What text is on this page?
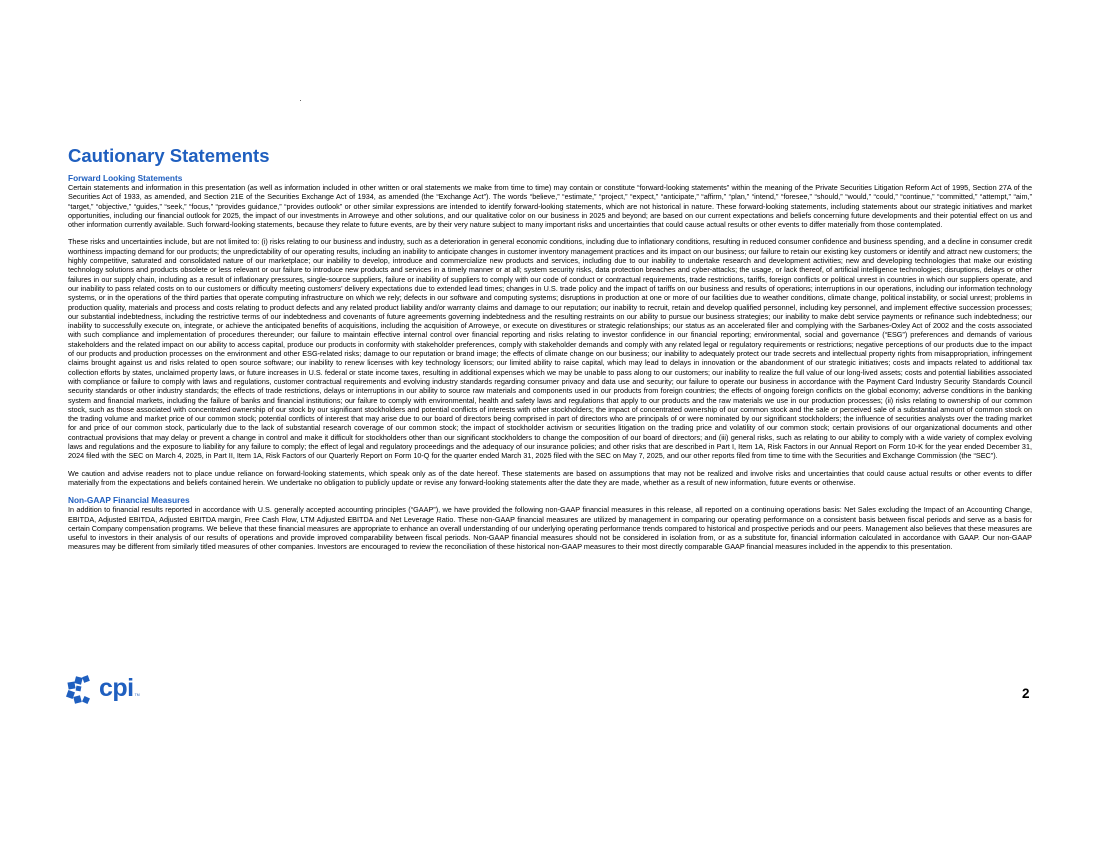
Cautionary Statements
Forward Looking Statements

Certain statements and information in this presentation (as well as information included in other written or oral statements we make from time to time) may contain or constitute “forward-looking statements” within the meaning of the Private Securities Litigation Reform Act of 1995, Section 27A of the Securities Act of 1933, as amended, and Section 21E of the Securities Exchange Act of 1934, as amended (the “Exchange Act”). The words “believe,” “estimate,” “project,” “expect,” “anticipate,” “affirm,” “plan,” “intend,” “foresee,” “should,” “would,” “could,” “continue,” “committed,” “attempt,” “aim,” “target,” “objective,” “guides,” “seek,” “focus,” “provides guidance,” “provides outlook” or other similar expressions are intended to identify forward-looking statements, which are not historical in nature. These forward-looking statements, including statements about our strategic initiatives and market opportunities, including our financial outlook for 2025, the impact of our investments in Arroweye and other solutions, and our qualitative color on our business in 2025 and beyond; are based on our current expectations and beliefs concerning future developments and their potential effect on us and other information currently available. Such forward-looking statements, because they relate to future events, are by their very nature subject to many important risks and uncertainties that could cause actual results or other events to differ materially from those contemplated.

These risks and uncertainties include, but are not limited to: (i) risks relating to our business and industry, such as a deterioration in general economic conditions, including due to inflationary conditions, resulting in reduced consumer confidence and business spending, and a decline in consumer credit worthiness impacting demand for our products; the unpredictability of our operating results, including an inability to anticipate changes in customer inventory management practices and its impact on our business; our failure to retain our existing key customers or identify and attract new customers; the highly competitive, saturated and consolidated nature of our marketplace; our inability to develop, introduce and commercialize new products and services, including due to our inability to undertake research and development activities; new and developing technologies that make our existing technology solutions and products obsolete or less relevant or our failure to introduce new products and services in a timely manner or at all; system security risks, data protection breaches and cyber-attacks; the usage, or lack thereof, of artificial intelligence technologies; disruptions, delays or other failures in our supply chain, including as a result of inflationary pressures, single-source suppliers, failure or inability of suppliers to comply with our code of conduct or contractual requirements, trade restrictions, tariffs, foreign conflicts or political unrest in countries in which our suppliers operate, and our inability to pass related costs on to our customers or difficulty meeting customers’ delivery expectations due to extended lead times; changes in U.S. trade policy and the impact of tariffs on our business and results of operations; interruptions in our operations, including our information technology systems, or in the operations of the third parties that operate computing infrastructure on which we rely; defects in our software and computing systems; disruptions in production at one or more of our facilities due to weather conditions, climate change, political instability, or social unrest; problems in production quality, materials and process and costs relating to product defects and any related product liability and/or warranty claims and damage to our reputation; our inability to recruit, retain and develop qualified personnel, including key personnel, and implement effective succession processes; our substantial indebtedness, including the restrictive terms of our indebtedness and covenants of future agreements governing indebtedness and the resulting restraints on our ability to pursue our business strategies; our inability to make debt service payments or refinance such indebtedness; our inability to successfully execute on, integrate, or achieve the anticipated benefits of acquisitions, including the acquisition of Arroweye, or execute on divestitures or strategic relationships; our status as an accelerated filer and complying with the Sarbanes-Oxley Act of 2002 and the costs associated with such compliance and implementation of procedures thereunder; our failure to maintain effective internal control over financial reporting and risks relating to investor confidence in our financial reporting; environmental, social and governance (“ESG”) preferences and demands of various stakeholders and the related impact on our ability to access capital, produce our products in conformity with stakeholder preferences, comply with stakeholder demands and comply with any related legal or regulatory requirements or restrictions; negative perceptions of our products due to the impact of our products and production processes on the environment and other ESG-related risks; damage to our reputation or brand image; the effects of climate change on our business; our inability to adequately protect our trade secrets and intellectual property rights from misappropriation, infringement claims brought against us and risks related to open source software; our inability to renew licenses with key technology licensors; our limited ability to raise capital, which may lead to delays in innovation or the abandonment of our strategic initiatives; costs and impacts related to additional tax collection efforts by states, unclaimed property laws, or future increases in U.S. federal or state income taxes, resulting in additional expenses which we may be unable to pass along to our customers; our inability to realize the full value of our long-lived assets; costs and potential liabilities associated with compliance or failure to comply with laws and regulations, customer contractual requirements and evolving industry standards regarding consumer privacy and data use and security; our failure to operate our business in accordance with the Payment Card Industry Security Standards Council security standards or other industry standards; the effects of trade restrictions, delays or interruptions in our ability to source raw materials and components used in our products from foreign countries; the effects of ongoing foreign conflicts on the global economy; adverse conditions in the banking system and financial markets, including the failure of banks and financial institutions; our failure to comply with environmental, health and safety laws and regulations that apply to our products and the raw materials we use in our production processes; (ii) risks relating to ownership of our common stock, such as those associated with concentrated ownership of our stock by our significant stockholders and potential conflicts of interests with other stockholders; the impact of concentrated ownership of our common stock and the sale or perceived sale of a substantial amount of common stock on the trading volume and market price of our common stock; potential conflicts of interest that may arise due to our board of directors being comprised in part of directors who are principals of or were nominated by our significant stockholders; the influence of securities analysts over the trading market for and price of our common stock, particularly due to the lack of substantial research coverage of our common stock; the impact of stockholder activism or securities litigation on the trading price and volatility of our common stock; certain provisions of our organizational documents and other contractual provisions that may delay or prevent a change in control and make it difficult for stockholders other than our significant stockholders to change the composition of our board of directors; and (iii) general risks, such as relating to our ability to comply with a wide variety of complex evolving laws and regulations and the exposure to liability for any failure to comply; the effect of legal and regulatory proceedings and the adequacy of our insurance policies; and other risks that are described in Part I, Item 1A, Risk Factors in our Annual Report on Form 10-K for the year ended December 31, 2024 filed with the SEC on March 4, 2025, in Part II, Item 1A, Risk Factors of our Quarterly Report on Form 10-Q for the quarter ended March 31, 2025 filed with the SEC on May 7, 2025, and our other reports filed from time to time with the Securities and Exchange Commission (the “SEC”).

We caution and advise readers not to place undue reliance on forward-looking statements, which speak only as of the date hereof. These statements are based on assumptions that may not be realized and involve risks and uncertainties that could cause actual results or other events to differ materially from the expectations and beliefs contained herein. We undertake no obligation to publicly update or revise any forward-looking statements after the date they are made, whether as a result of new information, future events or otherwise.

Non-GAAP Financial Measures

In addition to financial results reported in accordance with U.S. generally accepted accounting principles (“GAAP”), we have provided the following non-GAAP financial measures in this release, all reported on a continuing operations basis: Net Sales excluding the Impact of an Accounting Change, EBITDA, Adjusted EBITDA, Adjusted EBITDA margin, Free Cash Flow, LTM Adjusted EBITDA and Net Leverage Ratio. These non-GAAP financial measures are utilized by management in comparing our operating performance on a consistent basis between fiscal periods and serve as a basis for certain Company compensation programs. We believe that these financial measures are appropriate to enhance an overall understanding of our underlying operating performance trends compared to historical and prospective periods and our peers. Management also believes that these measures are useful to investors in their analysis of our results of operations and provide improved comparability between fiscal periods. Non-GAAP financial measures should not be considered in isolation from, or as a substitute for, financial information calculated in accordance with GAAP. Our non-GAAP measures may be different from similarly titled measures of other companies. Investors are encouraged to review the reconciliation of these historical non-GAAP measures to their most directly comparable GAAP financial measures included in the appendix to this presentation.

cpi TM	2
